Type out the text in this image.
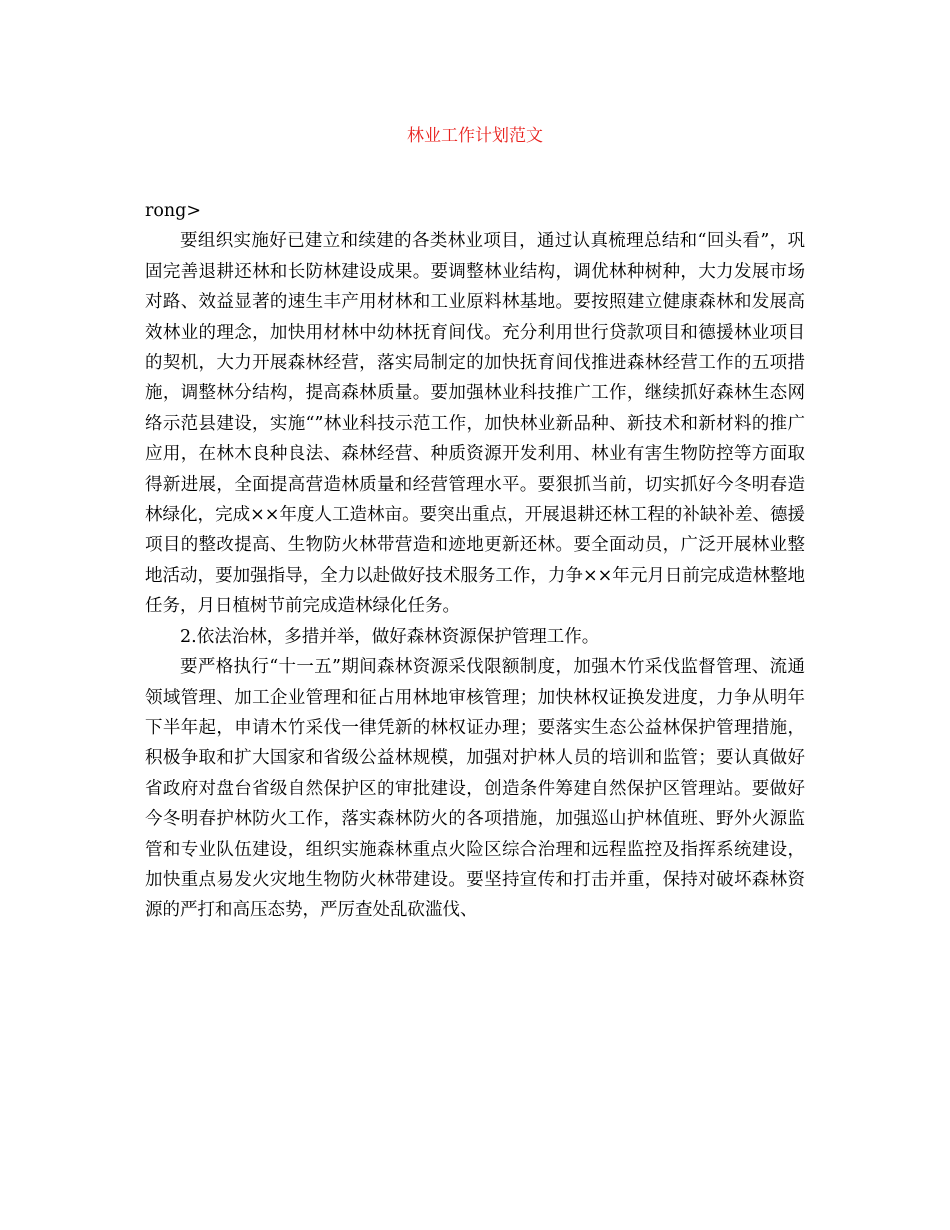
林业工作计划范文

rong>

要组织实施好已建立和续建的各类林业项目，通过认真梳理总结和“回头看”，巩固完善退耕还林和长防林建设成果。要调整林业结构，调优林种树种，大力发展市场对路、效益显著的速生丰产用材林和工业原料林基地。要按照建立健康森林和发展高效林业的理念，加快用材林中幼林抚育间伐。充分利用世行贷款项目和德援林业项目的契机，大力开展森林经营，落实局制定的加快抚育间伐推进森林经营工作的五项措施，调整林分结构，提高森林质量。要加强林业科技推广工作，继续抓好森林生态网络示范县建设，实施“”林业科技示范工作，加快林业新品种、新技术和新材料的推广应用，在林木良种良法、森林经营、种质资源开发利用、林业有害生物防控等方面取得新进展，全面提高营造林质量和经营管理水平。要狠抓当前，切实抓好今冬明春造林绿化，完成××年度人工造林亩。要突出重点，开展退耕还林工程的补缺补差、德援项目的整改提高、生物防火林带营造和迹地更新还林。要全面动员，广泛开展林业整地活动，要加强指导，全力以赴做好技术服务工作，力争××年元月日前完成造林整地任务，月日植树节前完成造林绿化任务。

2.依法治林，多措并举，做好森林资源保护管理工作。

要严格执行“十一五”期间森林资源采伐限额制度，加强木竹采伐监督管理、流通领域管理、加工企业管理和征占用林地审核管理；加快林权证换发进度，力争从明年下半年起，申请木竹采伐一律凭新的林权证办理；要落实生态公益林保护管理措施，积极争取和扩大国家和省级公益林规模，加强对护林人员的培训和监管；要认真做好省政府对盘台省级自然保护区的审批建设，创造条件筹建自然保护区管理站。要做好今冬明春护林防火工作，落实森林防火的各项措施，加强巡山护林值班、野外火源监管和专业队伍建设，组织实施森林重点火险区综合治理和远程监控及指挥系统建设，加快重点易发火灾地生物防火林带建设。要坚持宣传和打击并重，保持对破坏森林资源的严打和高压态势，严厉查处乱砍滥伐、
